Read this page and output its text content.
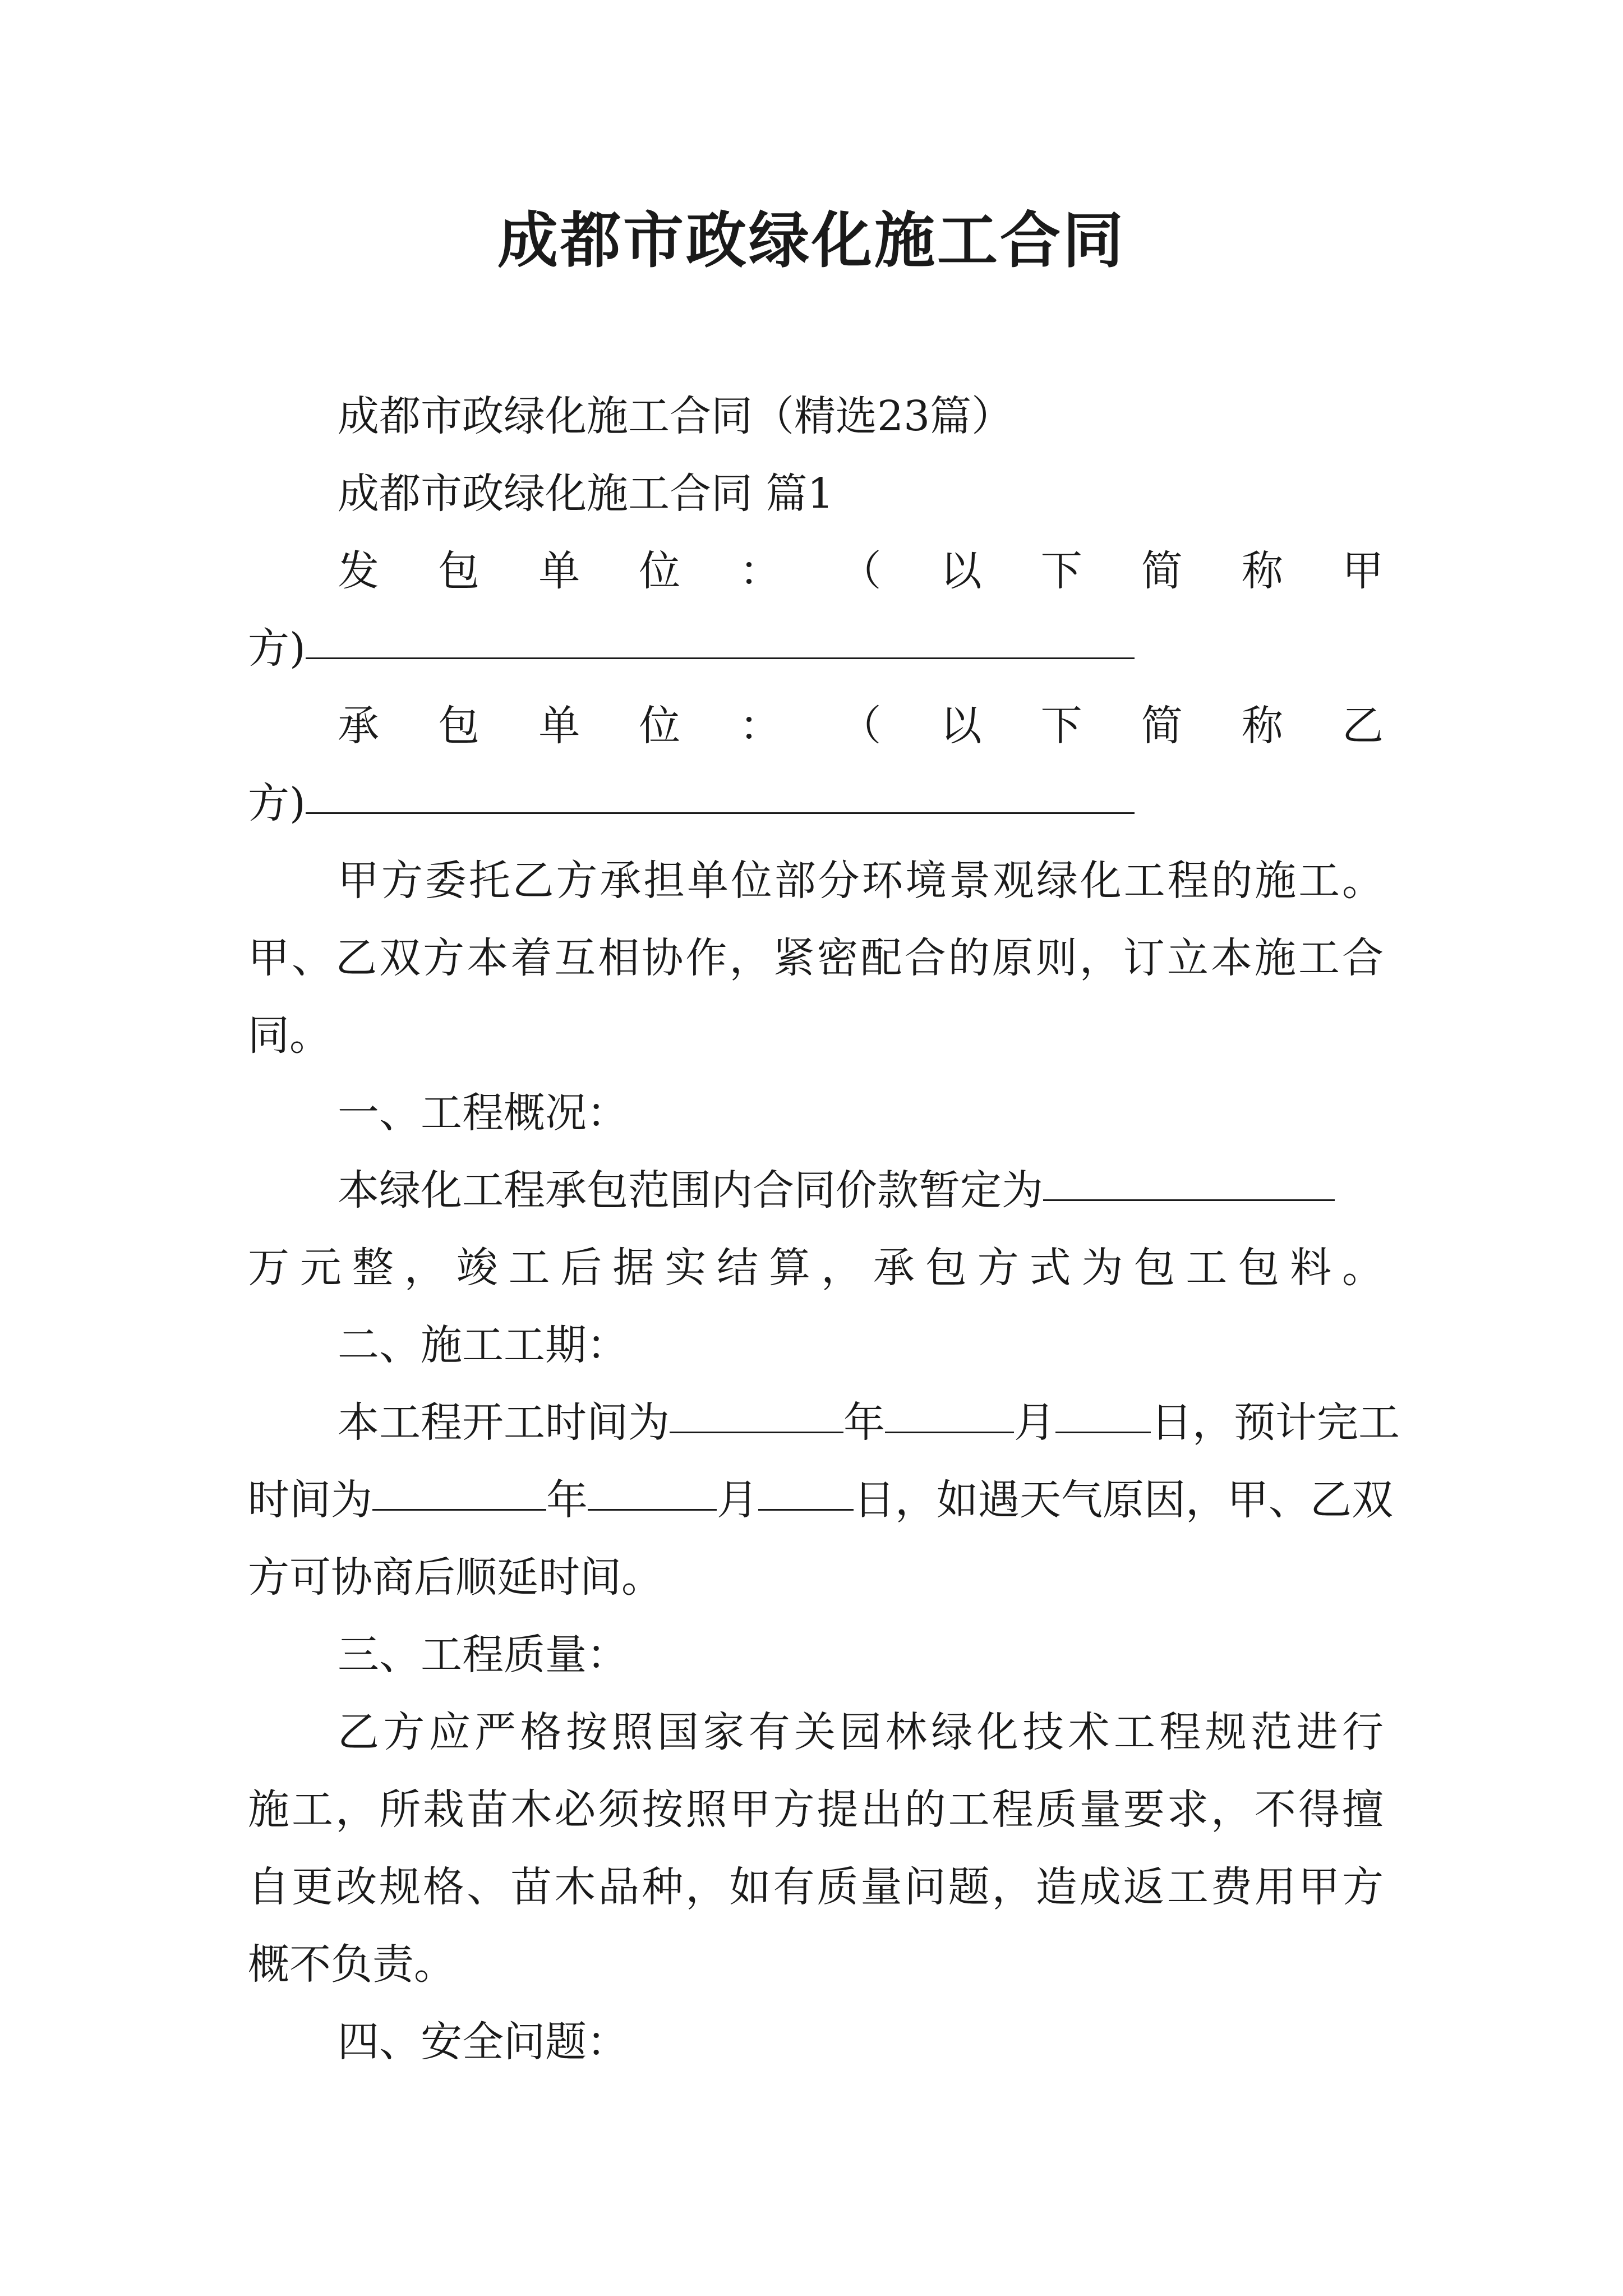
成都市政绿化施工合同
成都市政绿化施工合同（精选23篇）
成都市政绿化施工合同 篇1
发 包 单 位 ： （ 以 下 简 称 甲
方)
承 包 单 位 ： （ 以 下 简 称 乙
方)
甲方委托乙方承担单位部分环境景观绿化工程的施工。
甲、乙双方本着互相协作，紧密配合的原则，订立本施工合
同。
一、工程概况：
本绿化工程承包范围内合同价款暂定为
万元整，竣工后据实结算，承包方式为包工包料。
二、施工工期：
本工程开工时间为	年	月 日，预计完工
时间为	年	月 日，如遇天气原因，甲、乙双
方可协商后顺延时间。
三、工程质量：
乙方应严格按照国家有关园林绿化技术工程规范进行
施工，所栽苗木必须按照甲方提出的工程质量要求，不得擅
自更改规格、苗木品种，如有质量问题，造成返工费用甲方
概不负责。
四、安全问题：
